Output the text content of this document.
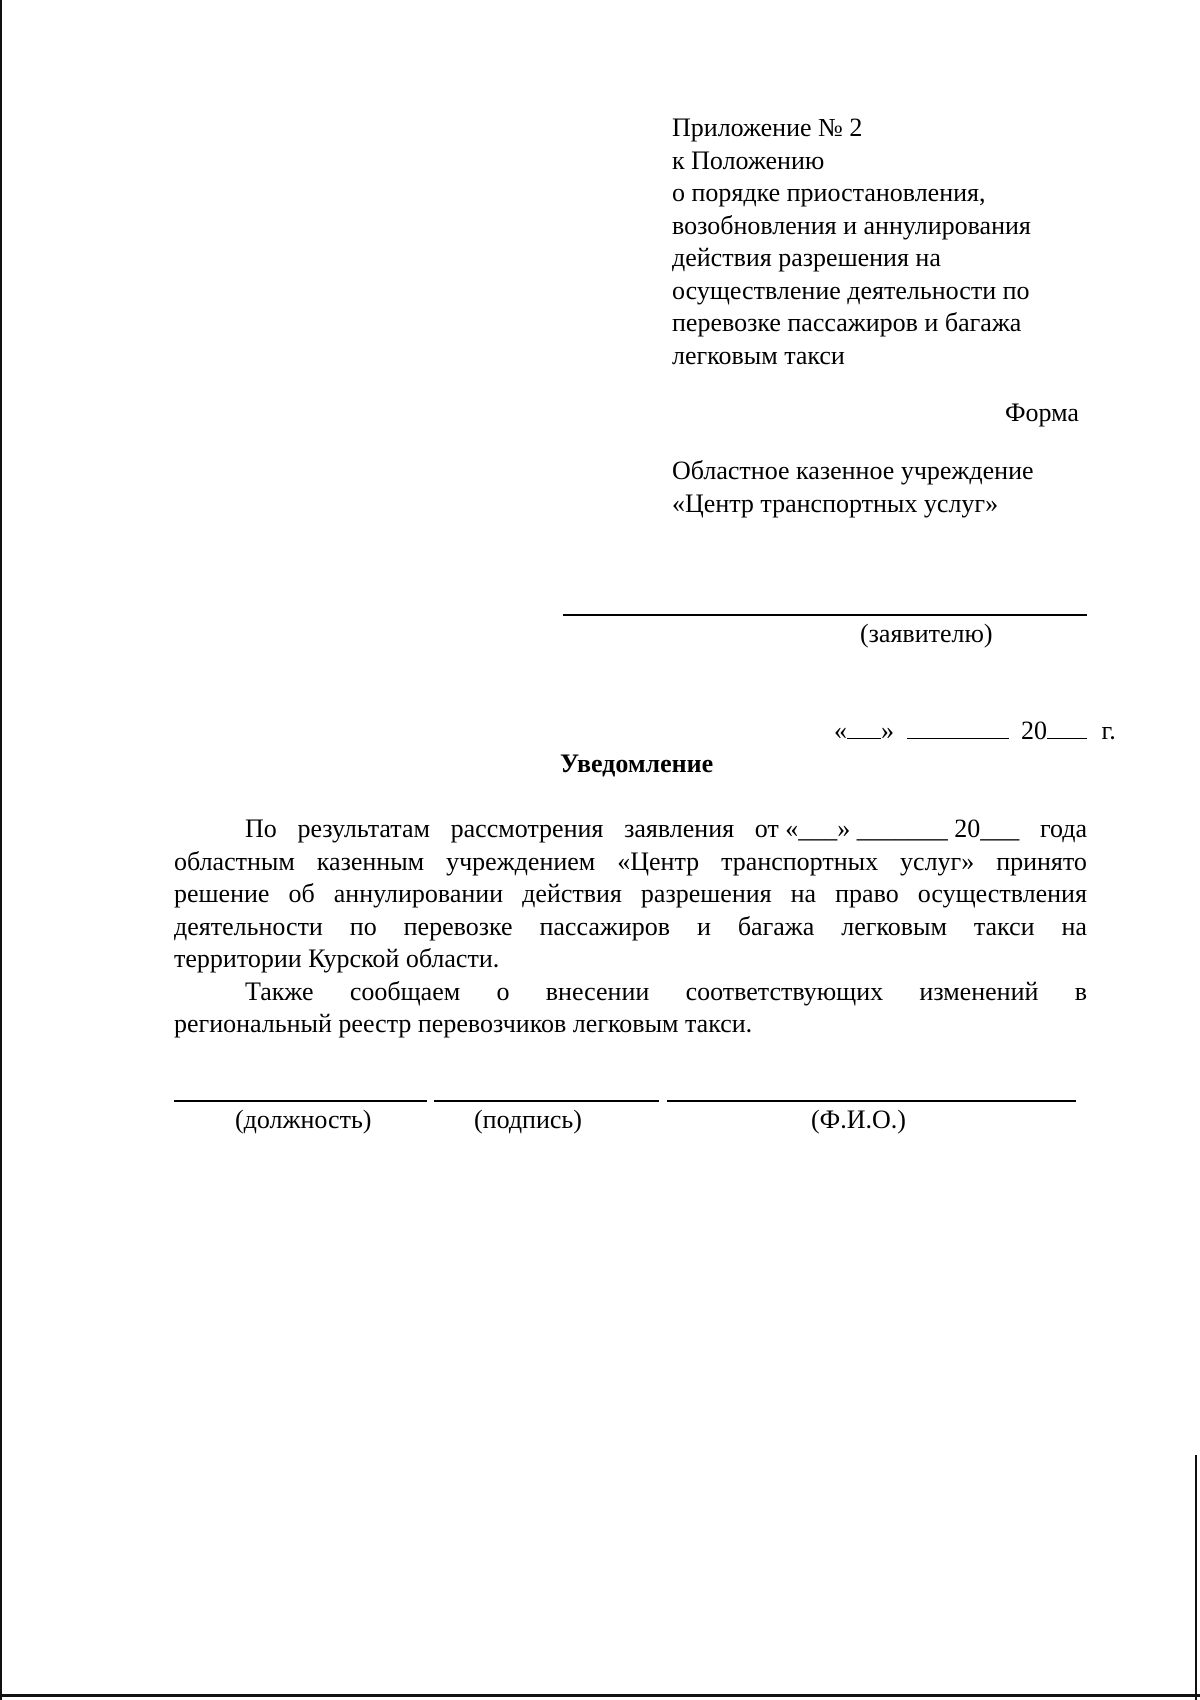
Приложение № 2
к Положению
о порядке приостановления,
возобновления и аннулирования
действия разрешения на
осуществление деятельности по
перевозке пассажиров и багажа
легковым такси
Форма
Областное казенное учреждение
«Центр транспортных услуг»
(заявителю)
« »	20 г.
Уведомление
По результатам рассмотрения заявления от «___» _______ 20___ года
областным казенным учреждением «Центр транспортных услуг» принято
решение об аннулировании действия разрешения на право осуществления
деятельности по перевозке пассажиров и багажа легковым такси на
территории Курской области.
Также сообщаем о внесении соответствующих изменений в
региональный реестр перевозчиков легковым такси.
(должность)	(подпись)	(Ф.И.О.)
